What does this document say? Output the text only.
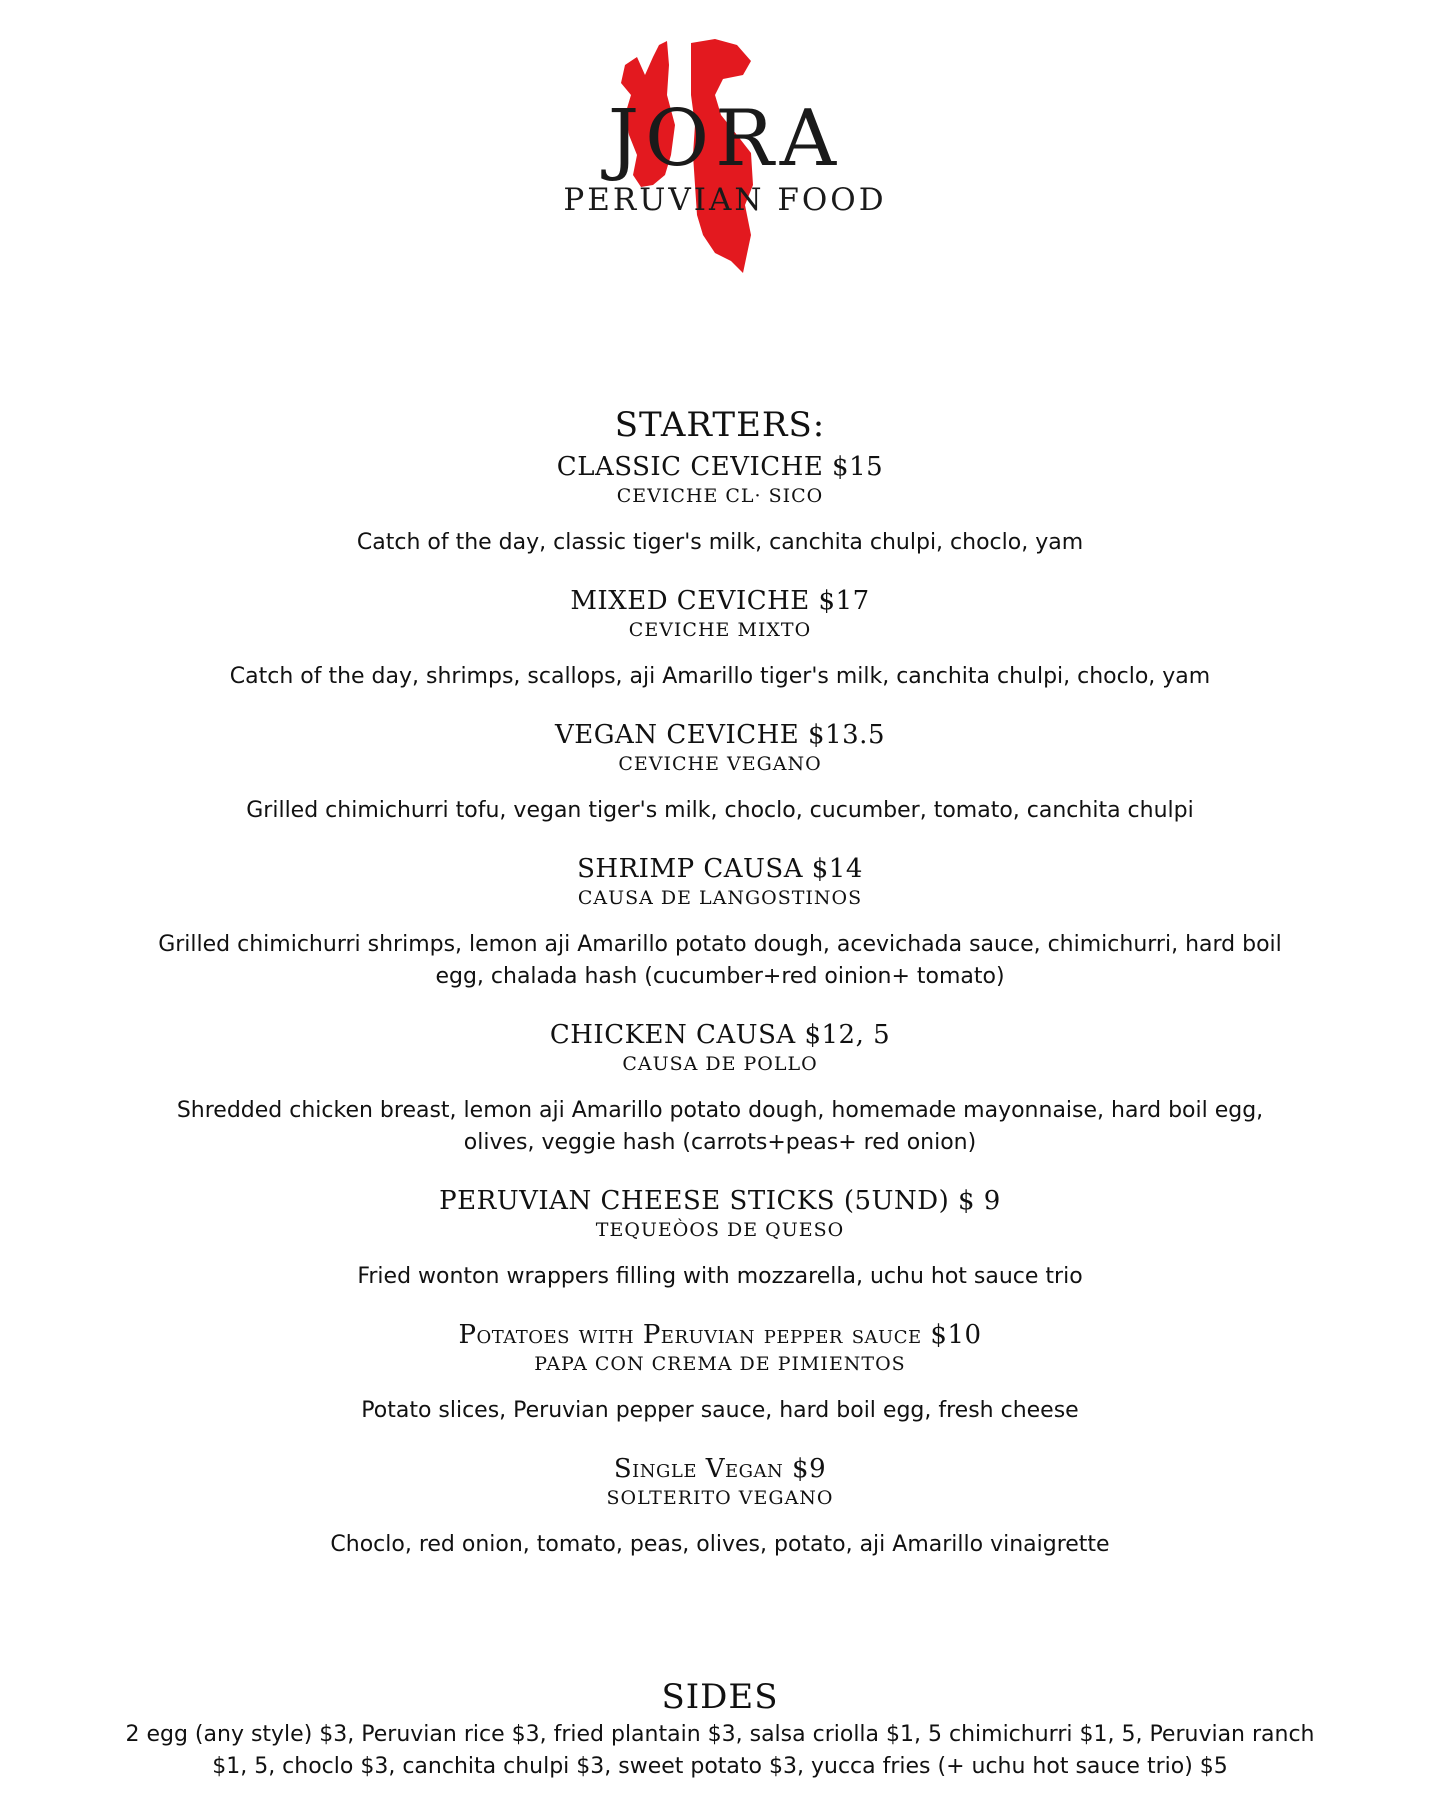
JORA
PERUVIAN FOOD
STARTERS:

CLASSIC CEVICHE $15

CEVICHE CL· SICO

Catch of the day, classic tiger's milk, canchita chulpi, choclo, yam

MIXED CEVICHE $17

CEVICHE MIXTO

Catch of the day, shrimps, scallops, aji Amarillo tiger's milk, canchita chulpi, choclo, yam

VEGAN CEVICHE $13.5

CEVICHE VEGANO

Grilled chimichurri tofu, vegan tiger's milk, choclo, cucumber, tomato, canchita chulpi

SHRIMP CAUSA $14

CAUSA DE LANGOSTINOS

Grilled chimichurri shrimps, lemon aji Amarillo potato dough, acevichada sauce, chimichurri, hard boil egg, chalada hash (cucumber+red oinion+ tomato)

CHICKEN CAUSA $12, 5

CAUSA DE POLLO

Shredded chicken breast, lemon aji Amarillo potato dough, homemade mayonnaise, hard boil egg, olives, veggie hash (carrots+peas+ red onion)

PERUVIAN CHEESE STICKS (5UND) $ 9

TEQUEÒOS DE QUESO

Fried wonton wrappers filling with mozzarella, uchu hot sauce trio

Potatoes with Peruvian pepper sauce $10

PAPA CON CREMA DE PIMIENTOS

Potato slices, Peruvian pepper sauce, hard boil egg, fresh cheese

Single Vegan $9

SOLTERITO VEGANO

Choclo, red onion, tomato, peas, olives, potato, aji Amarillo vinaigrette

SIDES

2 egg (any style) $3, Peruvian rice $3, fried plantain $3, salsa criolla $1, 5 chimichurri $1, 5, Peruvian ranch $1, 5, choclo $3, canchita chulpi $3, sweet potato $3, yucca fries (+ uchu hot sauce trio) $5
